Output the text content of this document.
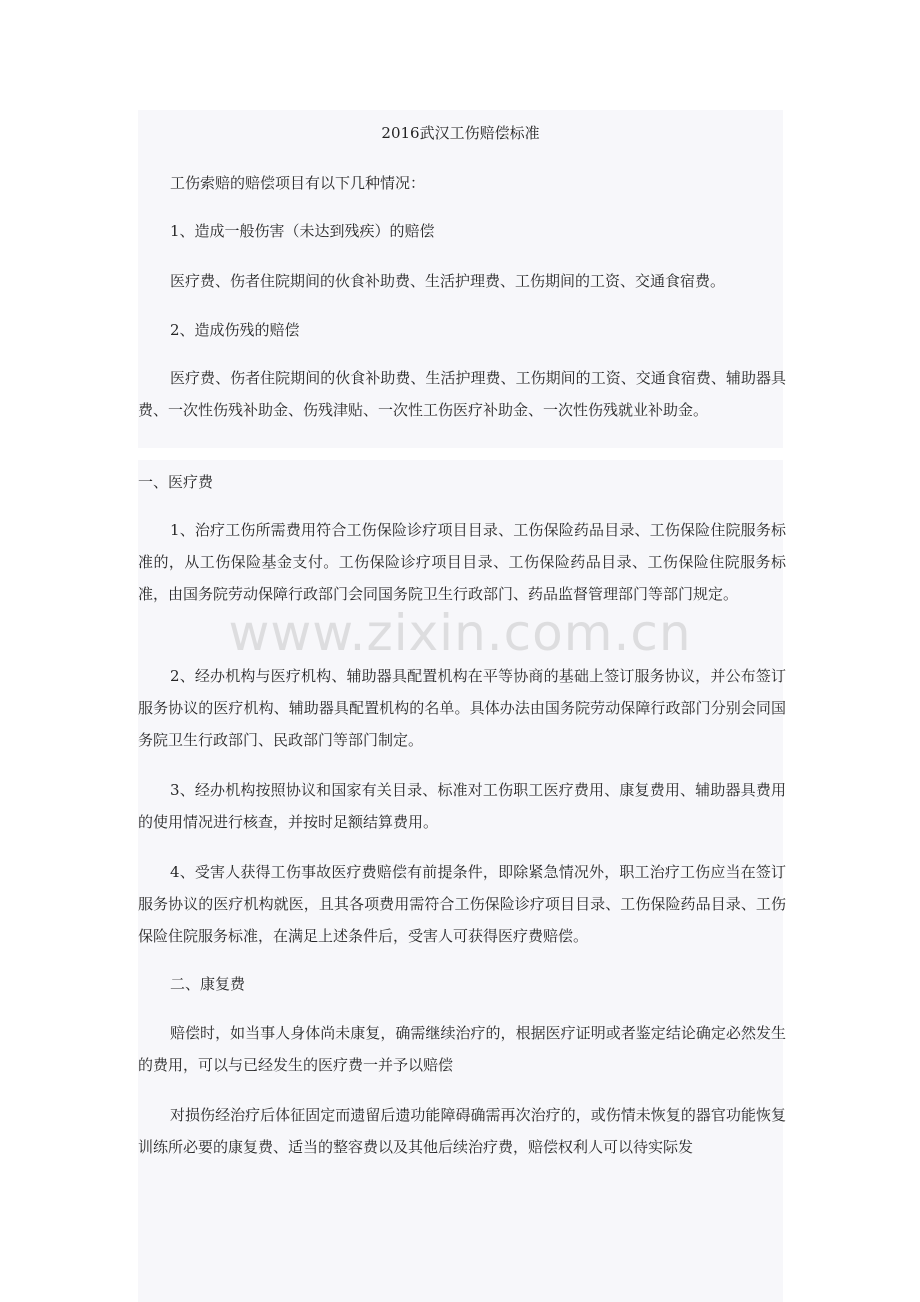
2016武汉工伤赔偿标准

工伤索赔的赔偿项目有以下几种情况：

1、造成一般伤害（未达到残疾）的赔偿

医疗费、伤者住院期间的伙食补助费、生活护理费、工伤期间的工资、交通食宿费。

2、造成伤残的赔偿

医疗费、伤者住院期间的伙食补助费、生活护理费、工伤期间的工资、交通食宿费、辅助器具费、一次性伤残补助金、伤残津贴、一次性工伤医疗补助金、一次性伤残就业补助金。

一、医疗费

1、治疗工伤所需费用符合工伤保险诊疗项目目录、工伤保险药品目录、工伤保险住院服务标准的，从工伤保险基金支付。工伤保险诊疗项目目录、工伤保险药品目录、工伤保险住院服务标准，由国务院劳动保障行政部门会同国务院卫生行政部门、药品监督管理部门等部门规定。

2、经办机构与医疗机构、辅助器具配置机构在平等协商的基础上签订服务协议，并公布签订服务协议的医疗机构、辅助器具配置机构的名单。具体办法由国务院劳动保障行政部门分别会同国务院卫生行政部门、民政部门等部门制定。

3、经办机构按照协议和国家有关目录、标准对工伤职工医疗费用、康复费用、辅助器具费用的使用情况进行核查，并按时足额结算费用。

4、受害人获得工伤事故医疗费赔偿有前提条件，即除紧急情况外，职工治疗工伤应当在签订服务协议的医疗机构就医，且其各项费用需符合工伤保险诊疗项目目录、工伤保险药品目录、工伤保险住院服务标准，在满足上述条件后，受害人可获得医疗费赔偿。

二、康复费

赔偿时，如当事人身体尚未康复，确需继续治疗的，根据医疗证明或者鉴定结论确定必然发生的费用，可以与已经发生的医疗费一并予以赔偿

对损伤经治疗后体征固定而遗留后遗功能障碍确需再次治疗的，或伤情未恢复的器官功能恢复训练所必要的康复费、适当的整容费以及其他后续治疗费，赔偿权利人可以待实际发

www.zixin.com.cn
